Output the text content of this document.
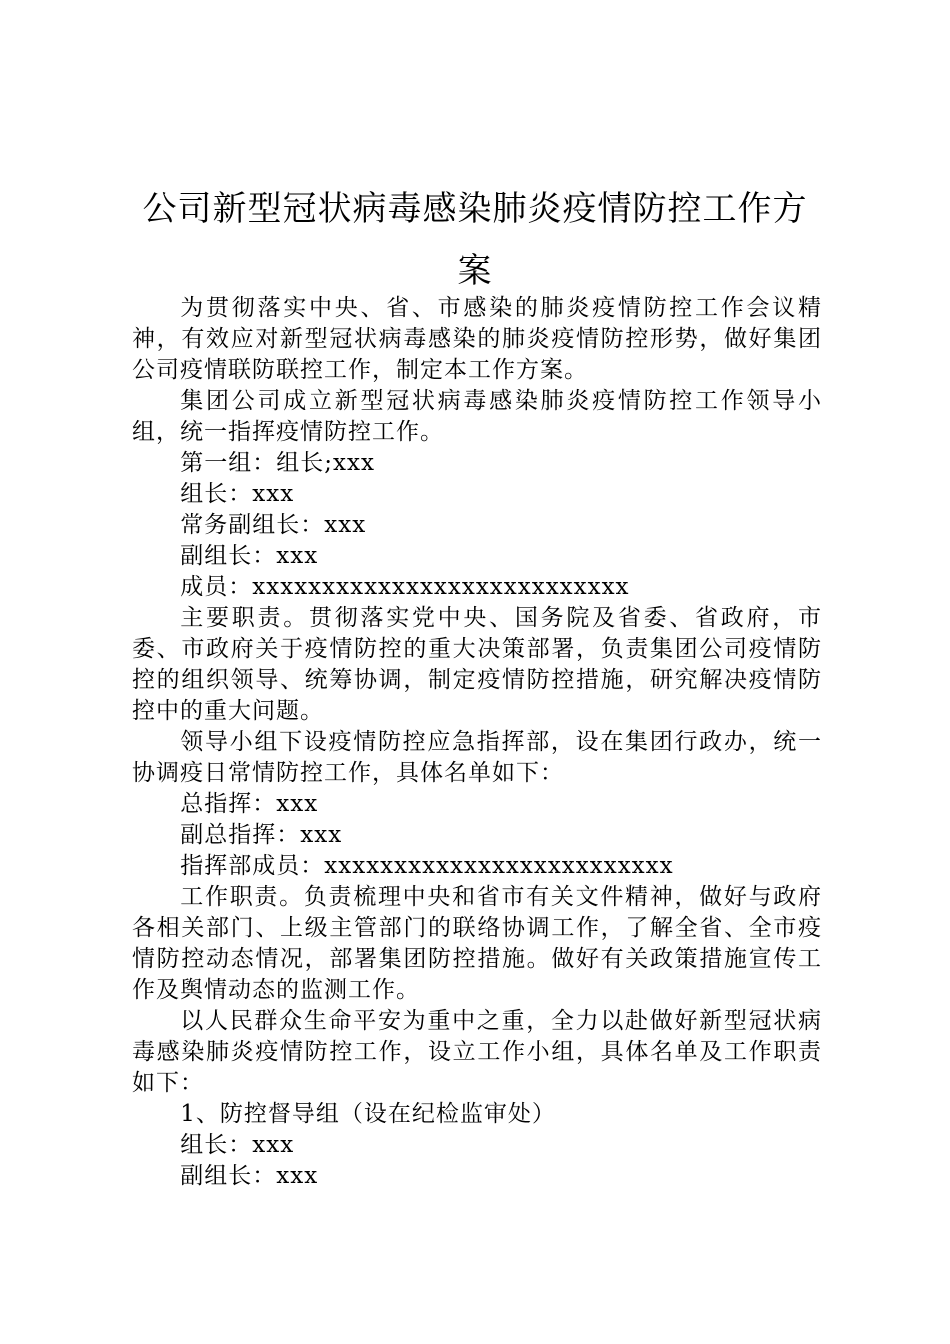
公司新型冠状病毒感染肺炎疫情防控工作方案

为贯彻落实中央、省、市感染的肺炎疫情防控工作会议精神，有效应对新型冠状病毒感染的肺炎疫情防控形势，做好集团公司疫情联防联控工作，制定本工作方案。

集团公司成立新型冠状病毒感染肺炎疫情防控工作领导小组，统一指挥疫情防控工作。

第一组：组长;xxx

组长：xxx

常务副组长：xxx

副组长：xxx

成员：xxxxxxxxxxxxxxxxxxxxxxxxxxx

主要职责。贯彻落实党中央、国务院及省委、省政府，市委、市政府关于疫情防控的重大决策部署，负责集团公司疫情防控的组织领导、统筹协调，制定疫情防控措施，研究解决疫情防控中的重大问题。

领导小组下设疫情防控应急指挥部，设在集团行政办，统一协调疫日常情防控工作，具体名单如下：

总指挥：xxx

副总指挥：xxx

指挥部成员：xxxxxxxxxxxxxxxxxxxxxxxxx

工作职责。负责梳理中央和省市有关文件精神，做好与政府各相关部门、上级主管部门的联络协调工作，了解全省、全市疫情防控动态情况，部署集团防控措施。做好有关政策措施宣传工作及舆情动态的监测工作。

以人民群众生命平安为重中之重，全力以赴做好新型冠状病毒感染肺炎疫情防控工作，设立工作小组，具体名单及工作职责如下：

1、防控督导组（设在纪检监审处）

组长：xxx

副组长：xxx
